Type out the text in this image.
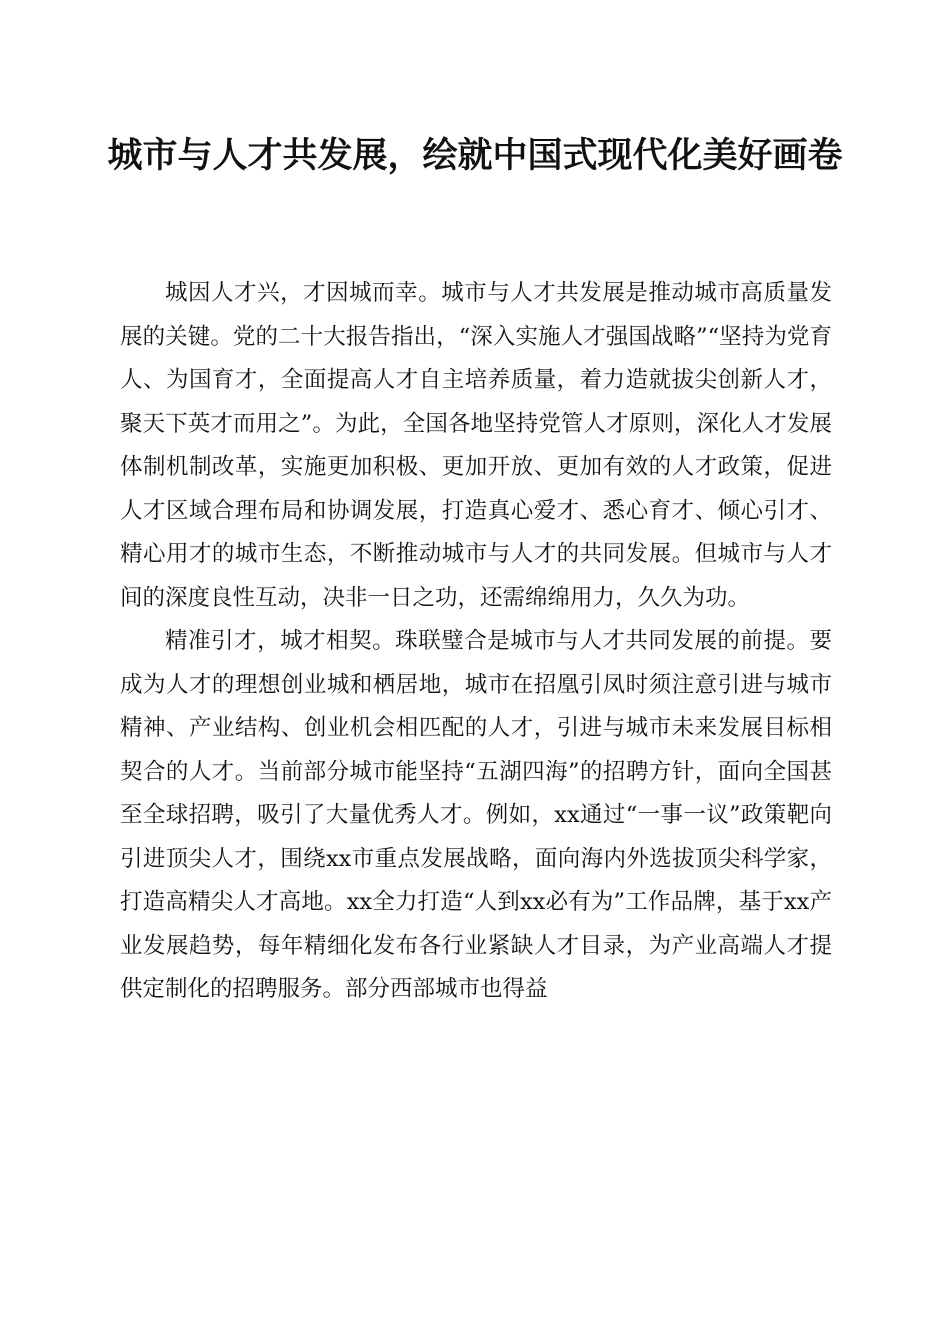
城市与人才共发展，绘就中国式现代化美好画卷

城因人才兴，才因城而幸。城市与人才共发展是推动城市高质量发展的关键。党的二十大报告指出，“深入实施人才强国战略”“坚持为党育人、为国育才，全面提高人才自主培养质量，着力造就拔尖创新人才，聚天下英才而用之”。为此，全国各地坚持党管人才原则，深化人才发展体制机制改革，实施更加积极、更加开放、更加有效的人才政策，促进人才区域合理布局和协调发展，打造真心爱才、悉心育才、倾心引才、精心用才的城市生态，不断推动城市与人才的共同发展。但城市与人才间的深度良性互动，决非一日之功，还需绵绵用力，久久为功。

精准引才，城才相契。珠联璧合是城市与人才共同发展的前提。要成为人才的理想创业城和栖居地，城市在招凰引凤时须注意引进与城市精神、产业结构、创业机会相匹配的人才，引进与城市未来发展目标相契合的人才。当前部分城市能坚持“五湖四海”的招聘方针，面向全国甚至全球招聘，吸引了大量优秀人才。例如，xx通过“一事一议”政策靶向引进顶尖人才，围绕xx市重点发展战略，面向海内外选拔顶尖科学家，打造高精尖人才高地。xx全力打造“人到xx必有为”工作品牌，基于xx产业发展趋势，每年精细化发布各行业紧缺人才目录，为产业高端人才提供定制化的招聘服务。部分西部城市也得益
